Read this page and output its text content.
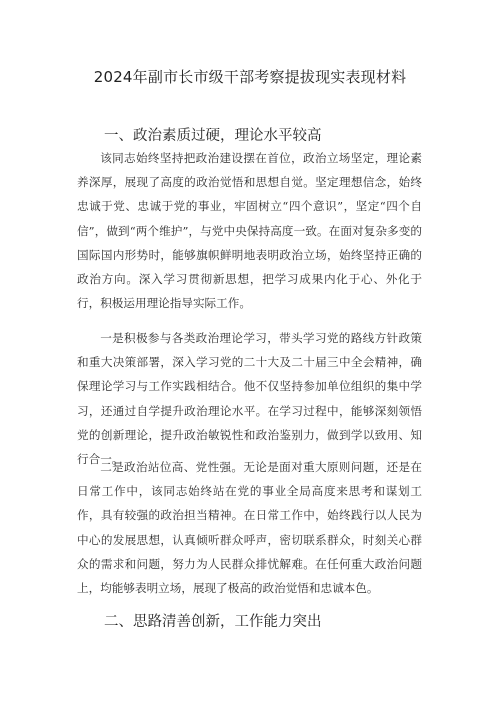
2024年副市长市级干部考察提拔现实表现材料
一、政治素质过硬，理论水平较高

该同志始终坚持把政治建设摆在首位，政治立场坚定，理论素养深厚，展现了高度的政治觉悟和思想自觉。坚定理想信念，始终忠诚于党、忠诚于党的事业，牢固树立“四个意识”，坚定“四个自信”，做到“两个维护”，与党中央保持高度一致。在面对复杂多变的国际国内形势时，能够旗帜鲜明地表明政治立场，始终坚持正确的政治方向。深入学习贯彻新思想，把学习成果内化于心、外化于行，积极运用理论指导实际工作。

一是积极参与各类政治理论学习，带头学习党的路线方针政策和重大决策部署，深入学习党的二十大及二十届三中全会精神，确保理论学习与工作实践相结合。他不仅坚持参加单位组织的集中学习，还通过自学提升政治理论水平。在学习过程中，能够深刻领悟党的创新理论，提升政治敏锐性和政治鉴别力，做到学以致用、知行合一。

二是政治站位高、党性强。无论是面对重大原则问题，还是在日常工作中，该同志始终站在党的事业全局高度来思考和谋划工作，具有较强的政治担当精神。在日常工作中，始终践行以人民为中心的发展思想，认真倾听群众呼声，密切联系群众，时刻关心群众的需求和问题，努力为人民群众排忧解难。在任何重大政治问题上，均能够表明立场，展现了极高的政治觉悟和忠诚本色。

二、思路清善创新，工作能力突出
